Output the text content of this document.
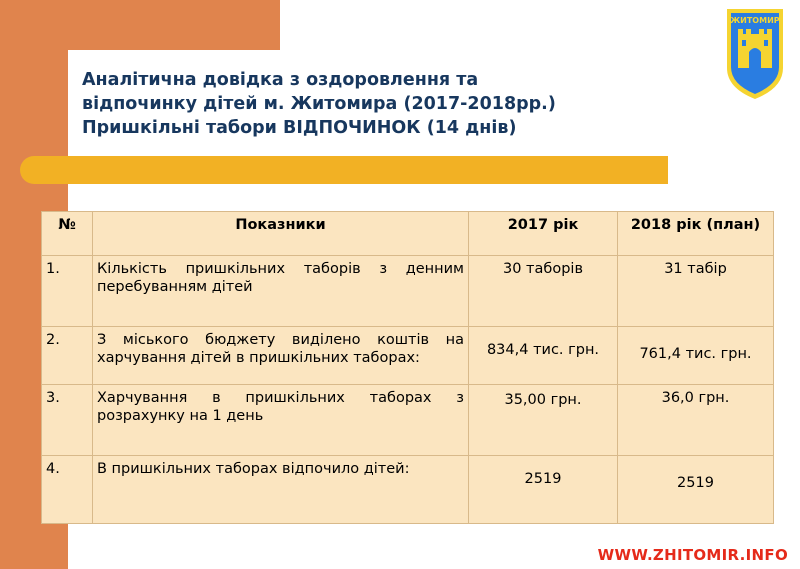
Аналітична довідка з оздоровлення та
відпочинку дітей м. Житомира (2017-2018рр.)
Пришкільні табори ВІДПОЧИНОК (14 днів)
ЖИТОМИР
№	Показники	2017 рік	2018 рік (план)
1.	Кількість пришкільних таборів з денним перебуванням дітей	30 таборів	31 табір
2.	З міського бюджету виділено коштів на харчування дітей в пришкільних таборах:	834,4 тис. грн.	761,4 тис. грн.
3.	Харчування в пришкільних таборах з розрахунку на 1 день	35,00 грн.	36,0 грн.
4.	В пришкільних таборах відпочило дітей:	2519	2519
WWW.ZHITOMIR.INFO
